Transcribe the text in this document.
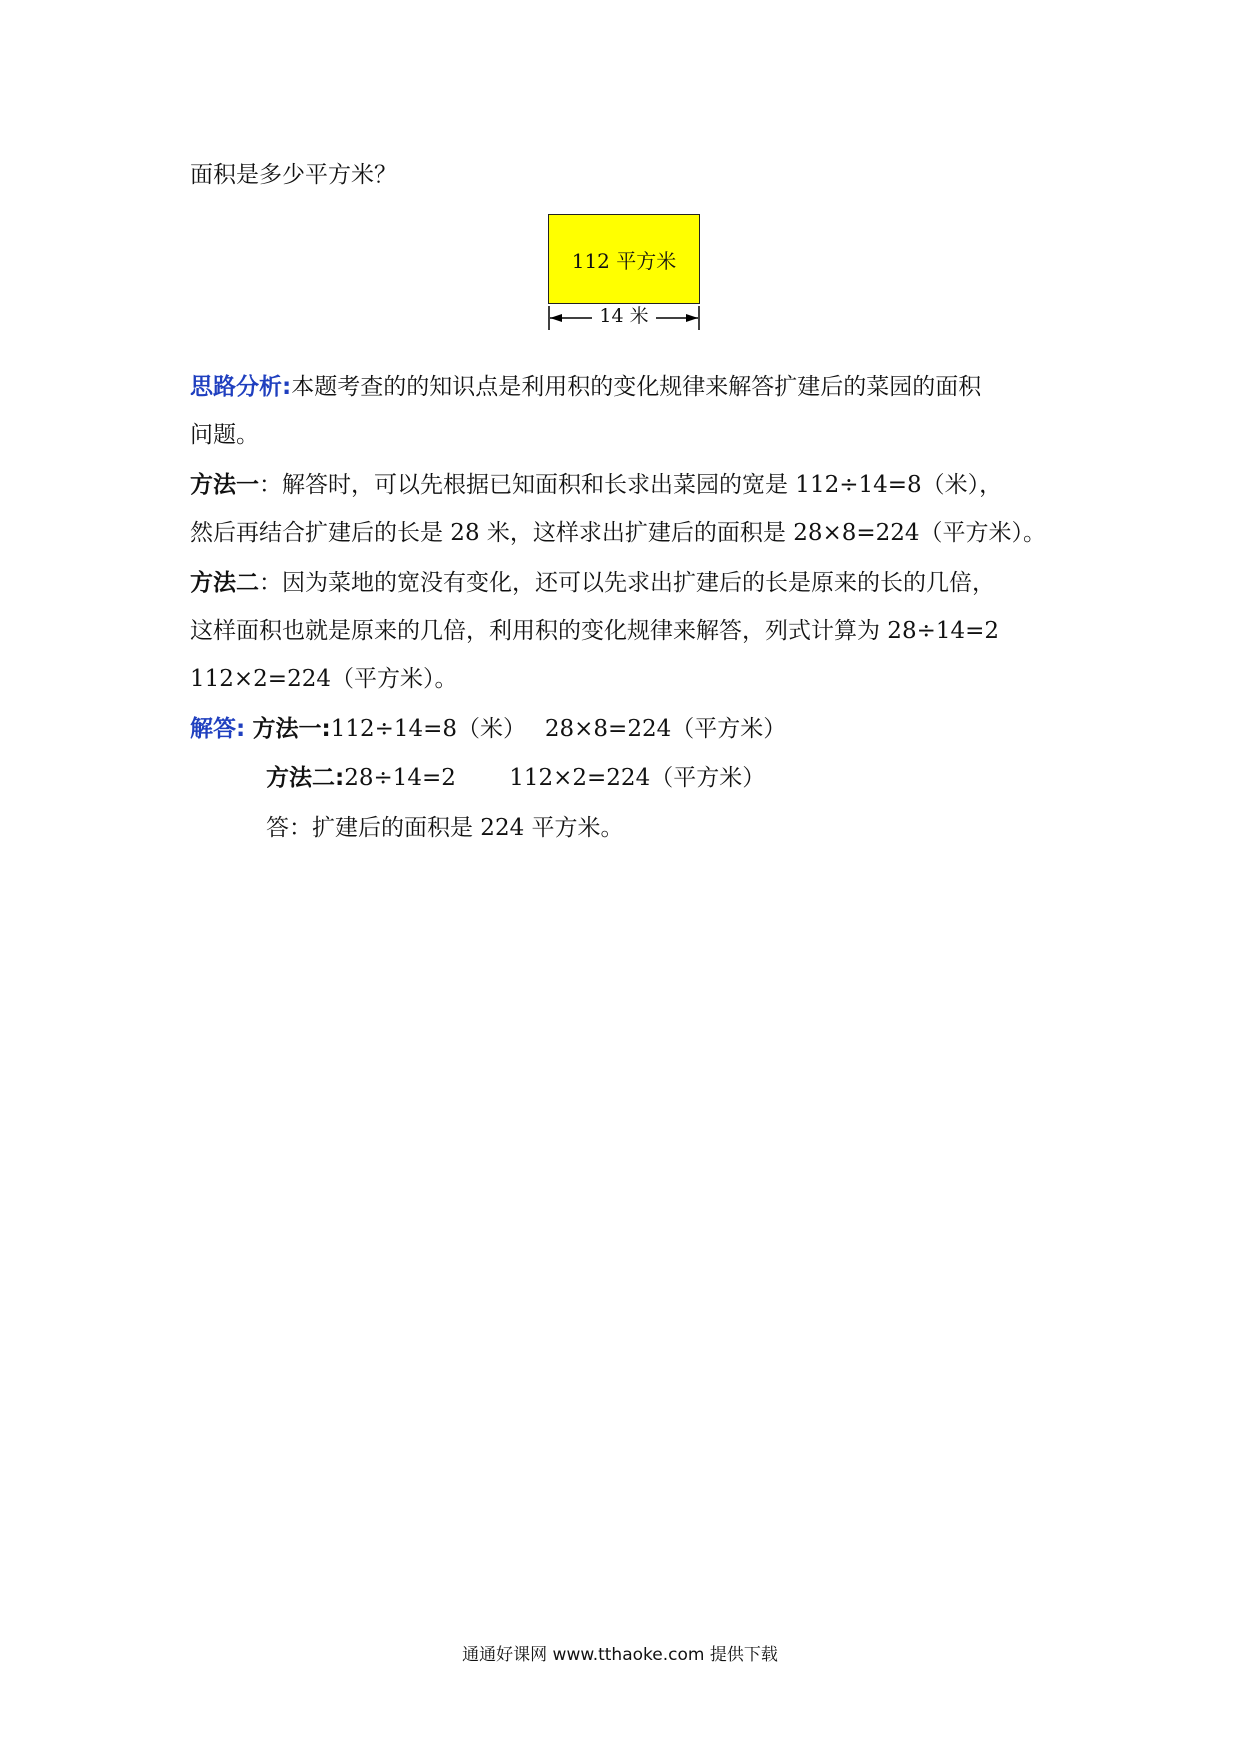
面积是多少平方米？
112 平方米
14 米
思路分析:本题考查的的知识点是利用积的变化规律来解答扩建后的菜园的面积
问题。
方法一：解答时，可以先根据已知面积和长求出菜园的宽是 112÷14=8（米），
然后再结合扩建后的长是 28 米，这样求出扩建后的面积是 28×8=224（平方米）。
方法二：因为菜地的宽没有变化，还可以先求出扩建后的长是原来的长的几倍，
这样面积也就是原来的几倍，利用积的变化规律来解答，列式计算为 28÷14=2
112×2=224（平方米）。
解答: 方法一:112÷14=8（米）　 28×8=224（平方米）
方法二:28÷14=2　　 112×2=224（平方米）
答：扩建后的面积是 224 平方米。
通通好课网 www.tthaoke.com 提供下载
